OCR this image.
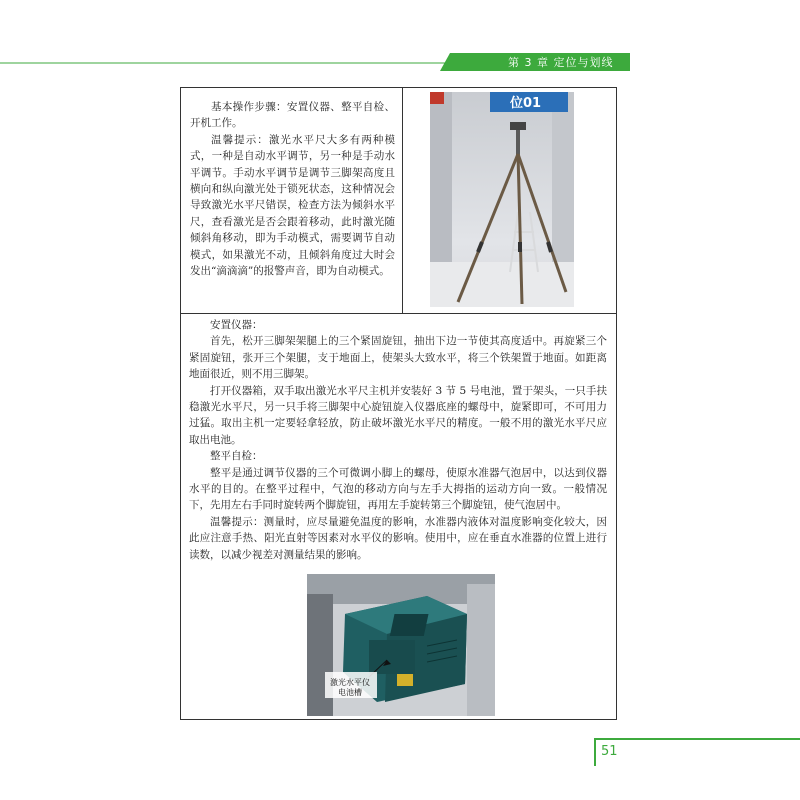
第 3 章 定位与划线

基本操作步骤：安置仪器、整平自检、开机工作。

温馨提示：激光水平尺大多有两种模式，一种是自动水平调节，另一种是手动水平调节。手动水平调节是调节三脚架高度且横向和纵向激光处于锁死状态，这种情况会导致激光水平尺错误，检查方法为倾斜水平尺，查看激光是否会跟着移动，此时激光随倾斜角移动，即为手动模式，需要调节自动模式，如果激光不动，且倾斜角度过大时会发出“滴滴滴”的报警声音，即为自动模式。

位01

安置仪器：

首先，松开三脚架架腿上的三个紧固旋钮，抽出下边一节使其高度适中。再旋紧三个紧固旋钮，张开三个架腿，支于地面上，使架头大致水平，将三个铁架置于地面。如距离地面很近，则不用三脚架。

打开仪器箱，双手取出激光水平尺主机并安装好 3 节 5 号电池，置于架头，一只手扶稳激光水平尺，另一只手将三脚架中心旋钮旋入仪器底座的螺母中，旋紧即可，不可用力过猛。取出主机一定要轻拿轻放，防止破坏激光水平尺的精度。一般不用的激光水平尺应取出电池。

整平自检：

整平是通过调节仪器的三个可微调小脚上的螺母，使原水准器气泡居中，以达到仪器水平的目的。在整平过程中，气泡的移动方向与左手大拇指的运动方向一致。一般情况下，先用左右手同时旋转两个脚旋钮，再用左手旋转第三个脚旋钮，使气泡居中。

温馨提示：测量时，应尽量避免温度的影响，水准器内液体对温度影响变化较大，因此应注意手热、阳光直射等因素对水平仪的影响。使用中，应在垂直水准器的位置上进行读数，以减少视差对测量结果的影响。

激光水平仪
电池槽
51
